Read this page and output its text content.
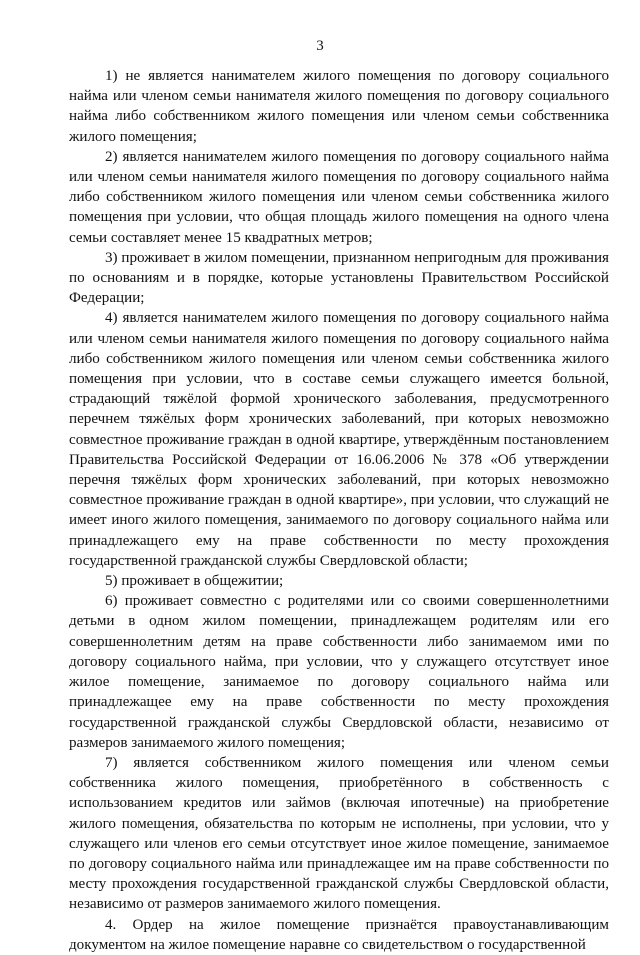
3

1) не является нанимателем жилого помещения по договору социального найма или членом семьи нанимателя жилого помещения по договору социального найма либо собственником жилого помещения или членом семьи собственника жилого помещения;

2) является нанимателем жилого помещения по договору социального найма или членом семьи нанимателя жилого помещения по договору социального найма либо собственником жилого помещения или членом семьи собственника жилого помещения при условии, что общая площадь жилого помещения на одного члена семьи составляет менее 15 квадратных метров;

3) проживает в жилом помещении, признанном непригодным для проживания по основаниям и в порядке, которые установлены Правительством Российской Федерации;

4) является нанимателем жилого помещения по договору социального найма или членом семьи нанимателя жилого помещения по договору социального найма либо собственником жилого помещения или членом семьи собственника жилого помещения при условии, что в составе семьи служащего имеется больной, страдающий тяжёлой формой хронического заболевания, предусмотренного перечнем тяжёлых форм хронических заболеваний, при которых невозможно совместное проживание граждан в одной квартире, утверждённым постановлением Правительства Российской Федерации от 16.06.2006 № 378 «Об утверждении перечня тяжёлых форм хронических заболеваний, при которых невозможно совместное проживание граждан в одной квартире», при условии, что служащий не имеет иного жилого помещения, занимаемого по договору социального найма или принадлежащего ему на праве собственности по месту прохождения государственной гражданской службы Свердловской области;

5) проживает в общежитии;

6) проживает совместно с родителями или со своими совершеннолетними детьми в одном жилом помещении, принадлежащем родителям или его совершеннолетним детям на праве собственности либо занимаемом ими по договору социального найма, при условии, что у служащего отсутствует иное жилое помещение, занимаемое по договору социального найма или принадлежащее ему на праве собственности по месту прохождения государственной гражданской службы Свердловской области, независимо от размеров занимаемого жилого помещения;

7) является собственником жилого помещения или членом семьи собственника жилого помещения, приобретённого в собственность с использованием кредитов или займов (включая ипотечные) на приобретение жилого помещения, обязательства по которым не исполнены, при условии, что у служащего или членов его семьи отсутствует иное жилое помещение, занимаемое по договору социального найма или принадлежащее им на праве собственности по месту прохождения государственной гражданской службы Свердловской области, независимо от размеров занимаемого жилого помещения.

4. Ордер на жилое помещение признаётся правоустанавливающим документом на жилое помещение наравне со свидетельством о государственной
